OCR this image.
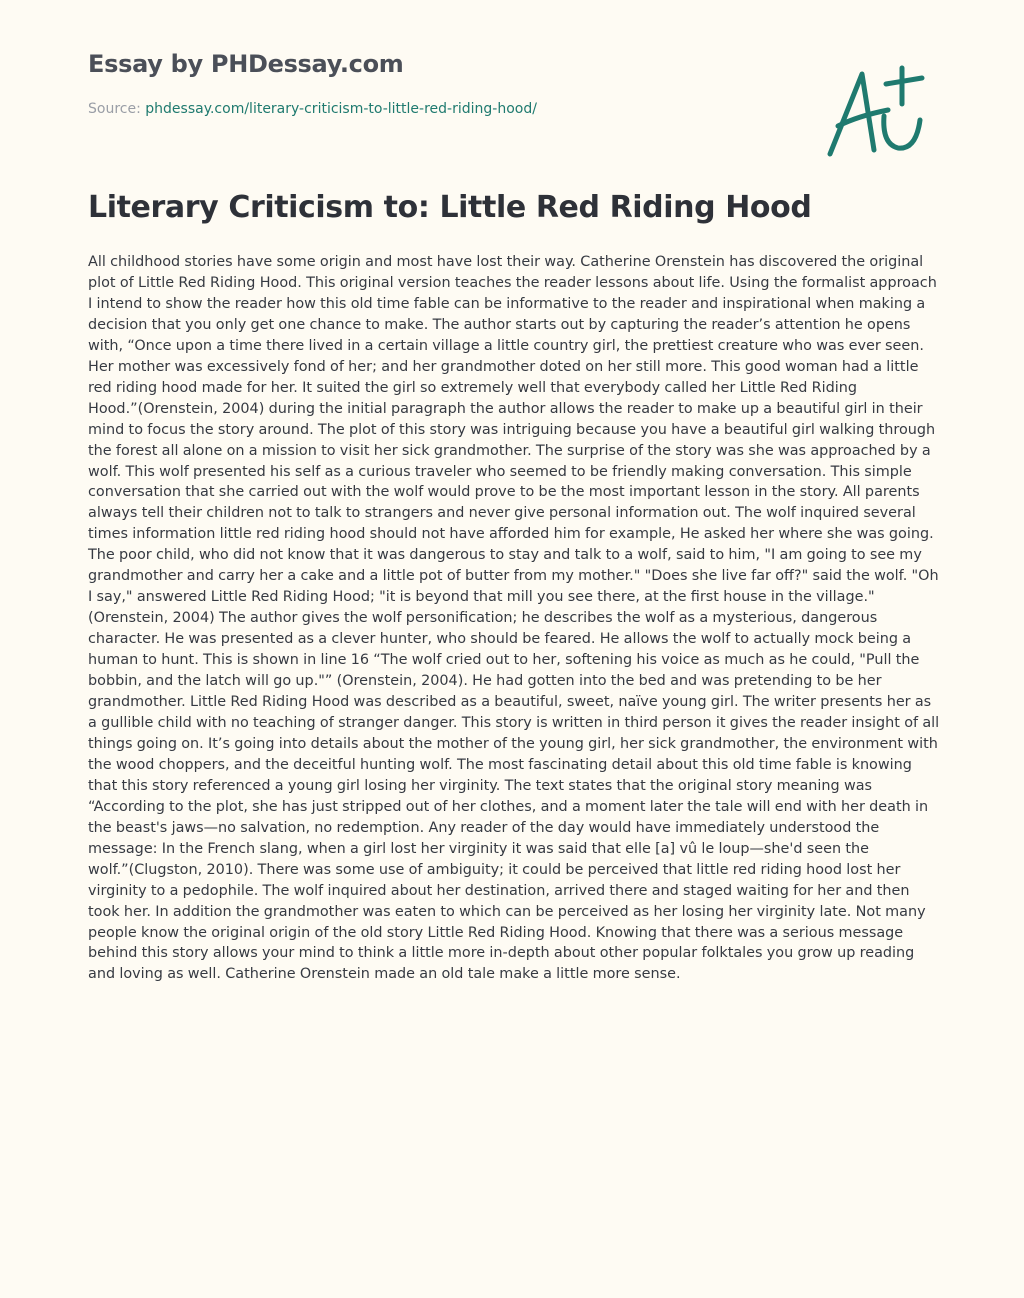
Essay by PHDessay.com
Source: phdessay.com/literary-criticism-to-little-red-riding-hood/
Literary Criticism to: Little Red Riding Hood

All childhood stories have some origin and most have lost their way. Catherine Orenstein has discovered the original plot of Little Red Riding Hood. This original version teaches the reader lessons about life. Using the formalist approach I intend to show the reader how this old time fable can be informative to the reader and inspirational when making a decision that you only get one chance to make. The author starts out by capturing the reader’s attention he opens with, “Once upon a time there lived in a certain village a little country girl, the prettiest creature who was ever seen. Her mother was excessively fond of her; and her grandmother doted on her still more. This good woman had a little red riding hood made for her. It suited the girl so extremely well that everybody called her Little Red Riding Hood.”(Orenstein, 2004) during the initial paragraph the author allows the reader to make up a beautiful girl in their mind to focus the story around. The plot of this story was intriguing because you have a beautiful girl walking through the forest all alone on a mission to visit her sick grandmother. The surprise of the story was she was approached by a wolf. This wolf presented his self as a curious traveler who seemed to be friendly making conversation. This simple conversation that she carried out with the wolf would prove to be the most important lesson in the story. All parents always tell their children not to talk to strangers and never give personal information out. The wolf inquired several times information little red riding hood should not have afforded him for example, He asked her where she was going. The poor child, who did not know that it was dangerous to stay and talk to a wolf, said to him, "I am going to see my grandmother and carry her a cake and a little pot of butter from my mother." "Does she live far off?" said the wolf. "Oh I say," answered Little Red Riding Hood; "it is beyond that mill you see there, at the first house in the village." (Orenstein, 2004) The author gives the wolf personification; he describes the wolf as a mysterious, dangerous character. He was presented as a clever hunter, who should be feared. He allows the wolf to actually mock being a human to hunt. This is shown in line 16 “The wolf cried out to her, softening his voice as much as he could, "Pull the bobbin, and the latch will go up."” (Orenstein, 2004). He had gotten into the bed and was pretending to be her grandmother. Little Red Riding Hood was described as a beautiful, sweet, naïve young girl. The writer presents her as a gullible child with no teaching of stranger danger. This story is written in third person it gives the reader insight of all things going on. It’s going into details about the mother of the young girl, her sick grandmother, the environment with the wood choppers, and the deceitful hunting wolf. The most fascinating detail about this old time fable is knowing that this story referenced a young girl losing her virginity. The text states that the original story meaning was “According to the plot, she has just stripped out of her clothes, and a moment later the tale will end with her death in the beast's jaws—no salvation, no redemption. Any reader of the day would have immediately understood the message: In the French slang, when a girl lost her virginity it was said that elle [a] vû le loup—she'd seen the wolf.”(Clugston, 2010). There was some use of ambiguity; it could be perceived that little red riding hood lost her virginity to a pedophile. The wolf inquired about her destination, arrived there and staged waiting for her and then took her. In addition the grandmother was eaten to which can be perceived as her losing her virginity late. Not many people know the original origin of the old story Little Red Riding Hood. Knowing that there was a serious message behind this story allows your mind to think a little more in-depth about other popular folktales you grow up reading and loving as well. Catherine Orenstein made an old tale make a little more sense.
